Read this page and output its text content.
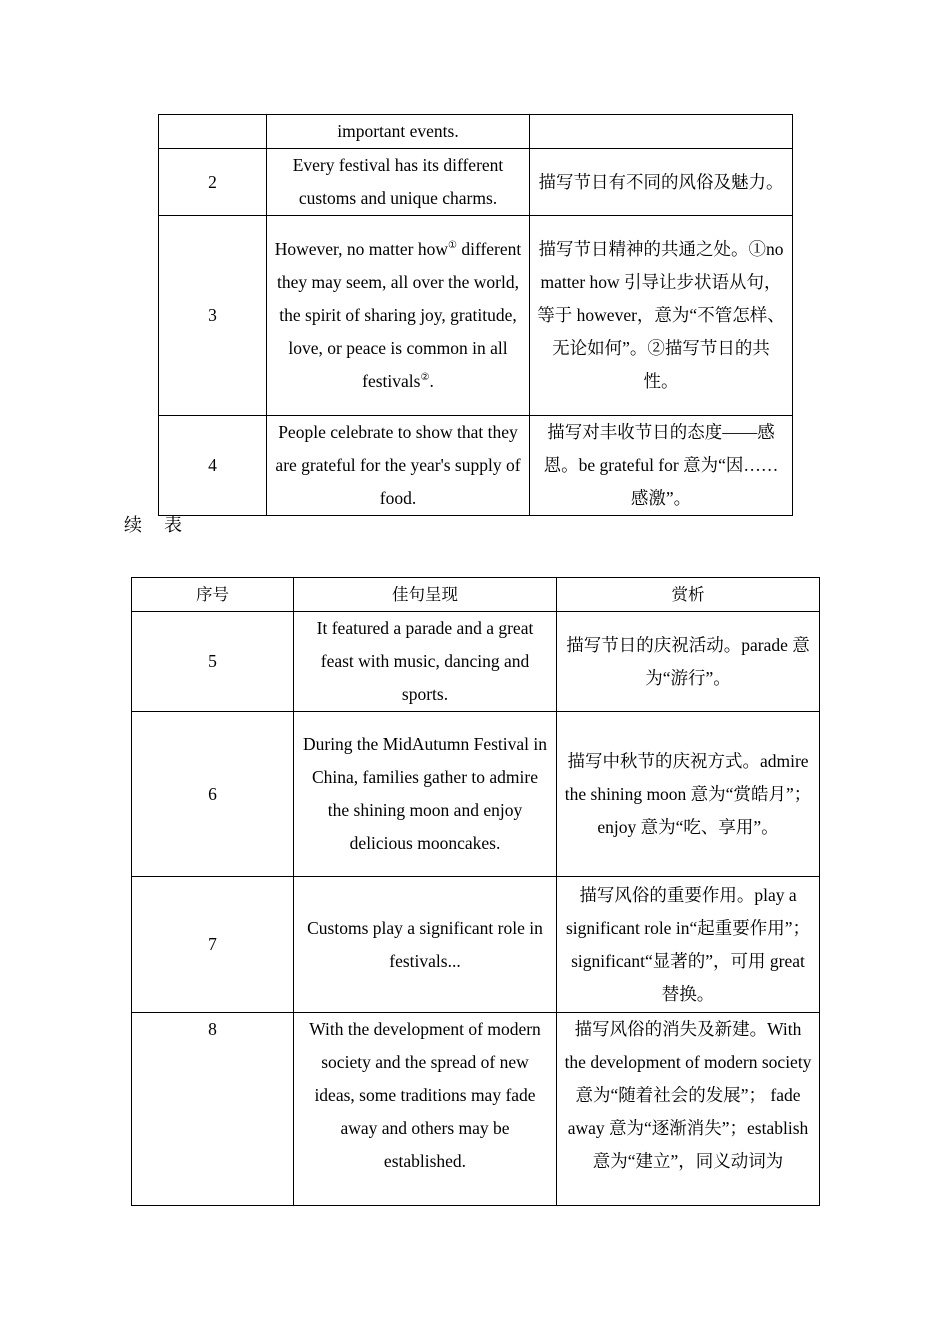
	important events.	
2	Every festival has its different customs and unique charms.	描写节日有不同的风俗及魅力。
3	However, no matter how① different they may seem, all over the world, the spirit of sharing joy, gratitude, love, or peace is common in all festivals②.	描写节日精神的共通之处。①no matter how 引导让步状语从句，等于 however，意为“不管怎样、无论如何”。②描写节日的共性。
4	People celebrate to show that they are grateful for the year's supply of food.	描写对丰收节日的态度——感恩。be grateful for 意为“因……感激”。
续 表
序号	佳句呈现	赏析
5	It featured a parade and a great feast with music, dancing and sports.	描写节日的庆祝活动。parade 意为“游行”。
6	During the MidAutumn Festival in China, families gather to admire the shining moon and enjoy delicious mooncakes.	描写中秋节的庆祝方式。admire the shining moon 意为“赏皓月”；enjoy 意为“吃、享用”。
7	Customs play a significant role in festivals...	描写风俗的重要作用。play a significant role in“起重要作用”；significant“显著的”，可用 great 替换。
8	With the development of modern society and the spread of new ideas, some traditions may fade away and others may be established.	描写风俗的消失及新建。With the development of modern society 意为“随着社会的发展”； fade away 意为“逐渐消失”；establish 意为“建立”，同义动词为
